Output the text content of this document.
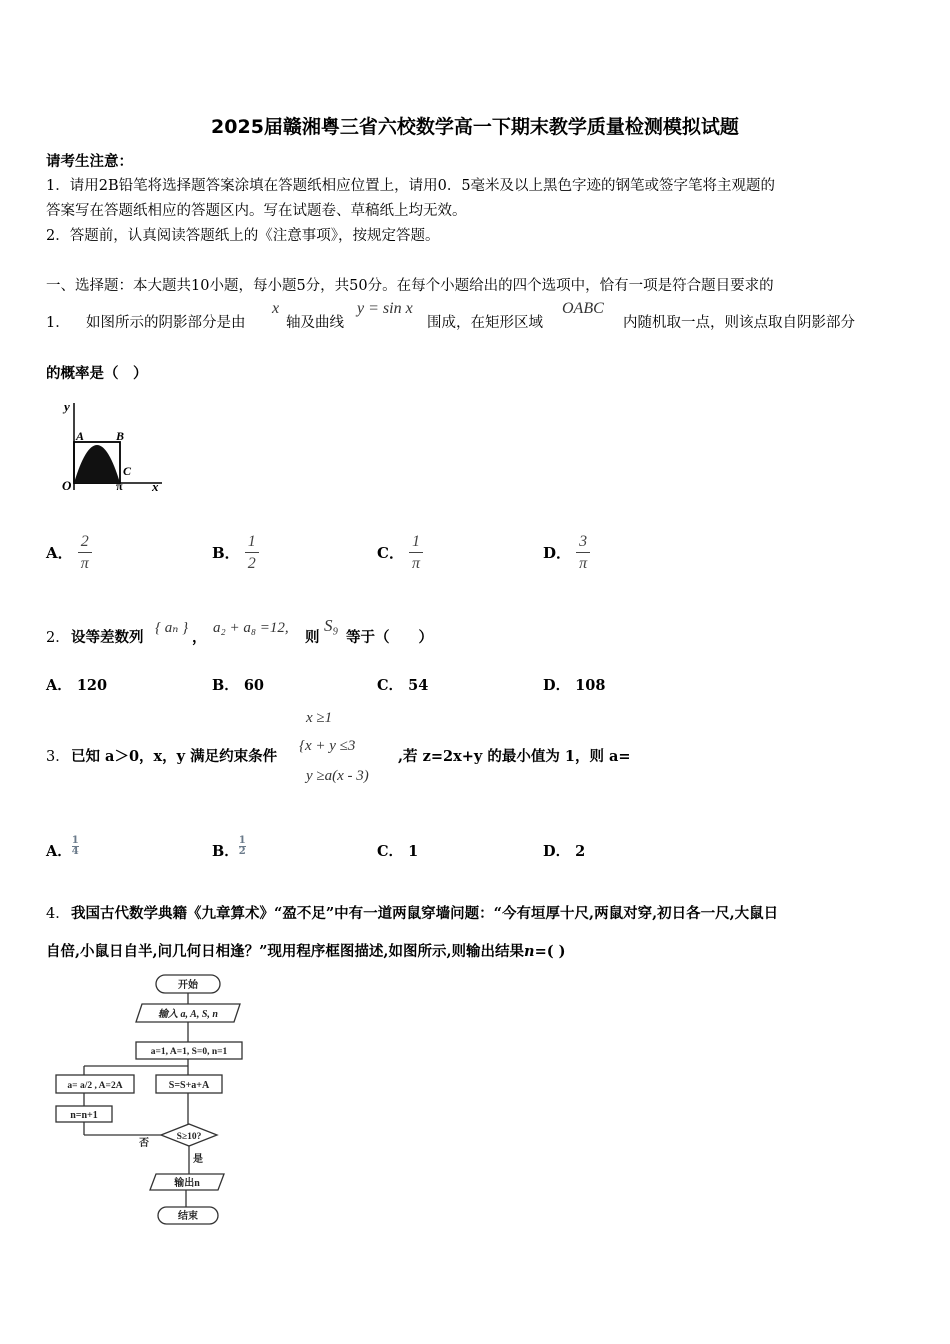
2025届赣湘粤三省六校数学高一下期末教学质量检测模拟试题
请考生注意：
1．请用2B铅笔将选择题答案涂填在答题纸相应位置上，请用0．5毫米及以上黑色字迹的钢笔或签字笔将主观题的
答案写在答题纸相应的答题区内。写在试题卷、草稿纸上均无效。
2．答题前，认真阅读答题纸上的《注意事项》，按规定答题。
一、选择题：本大题共10小题，每小题5分，共50分。在每个小题给出的四个选项中，恰有一项是符合题目要求的
1． 如图所示的阴影部分是由
x
轴及曲线
y = sin x
围成，在矩形区域
OABC
内随机取一点，则该点取自阴影部分
的概率是（　）
y
x
O
A	B
C
π
A． $\frac{2}{\pi}$	B． $\frac{1}{2}$	C． $\frac{1}{\pi}$	D． $\frac{3}{\pi}$
2． 设等差数列
{ aₙ }
，
a₂ + a₈ =12,
则
S₉
等于（　　）
A． 120	B． 60	C． 54	D． 108
x ≥1
3． 已知 a＞0，x，y 满足约束条件
{x + y ≤3
,若 z=2x+y 的最小值为 1，则 a=
y ≥a(x - 3)
A． $\frac{1}{4}$	B． $\frac{1}{2}$	C． 1	D． 2
4． 我国古代数学典籍《九章算术》“盈不足”中有一道两鼠穿墙问题：“今有垣厚十尺,两鼠对穿,初日各一尺,大鼠日
自倍,小鼠日自半,问几何日相逢？”现用程序框图描述,如图所示,则输出结果n=( )
开始
输入 a, A, S, n
a=1, A=1, S=0, n=1
a= a/2 , A=2A	S=S+a+A
n=n+1
S≥10?
否
是
输出n
结束
